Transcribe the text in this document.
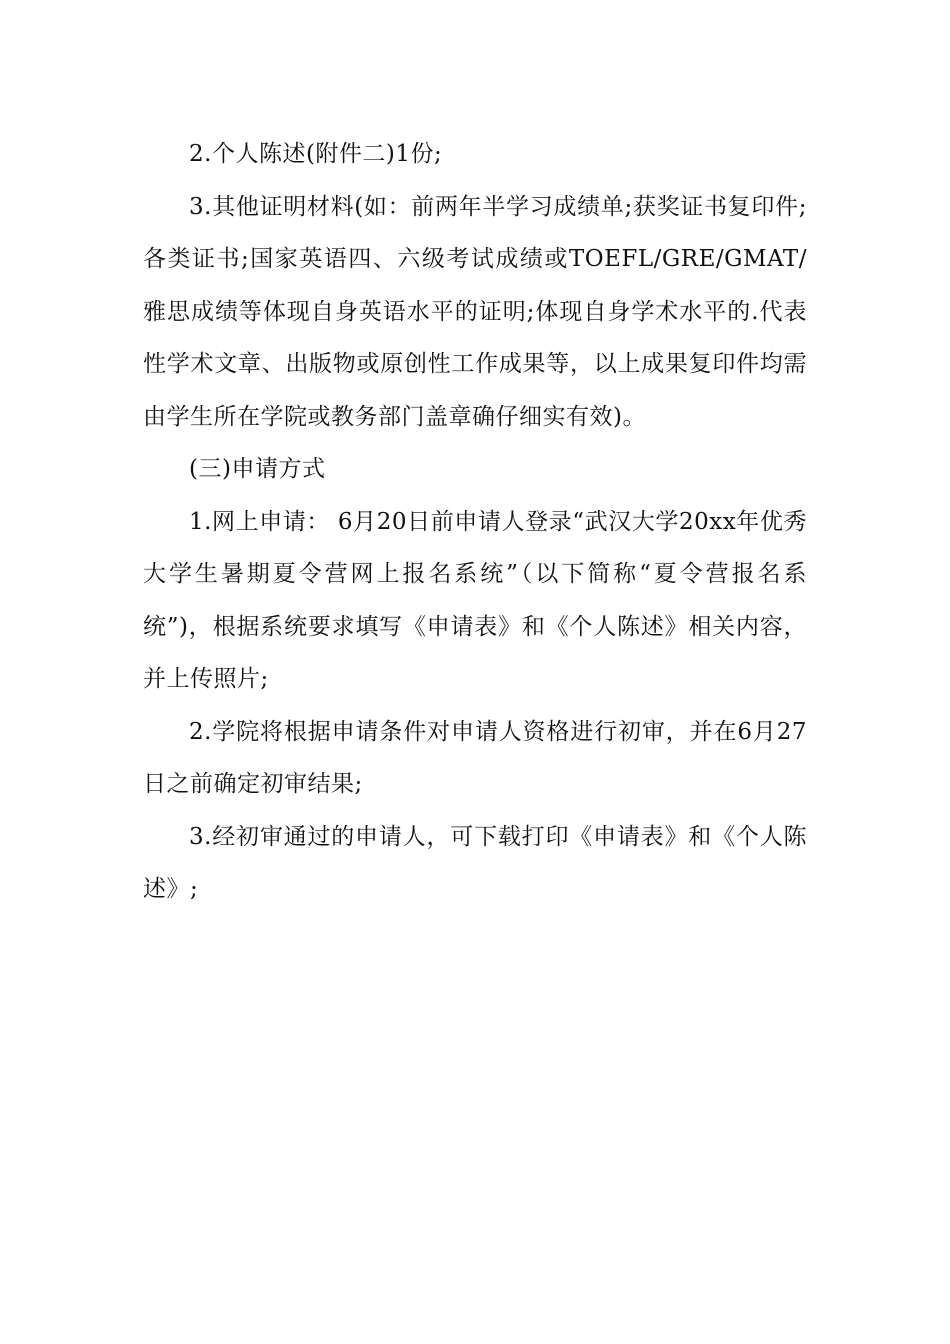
2.个人陈述(附件二)1份;

3.其他证明材料(如：前两年半学习成绩单;获奖证书复印件;各类证书;国家英语四、六级考试成绩或TOEFL/GRE/GMAT/雅思成绩等体现自身英语水平的证明;体现自身学术水平的.代表性学术文章、出版物或原创性工作成果等，以上成果复印件均需由学生所在学院或教务部门盖章确仔细实有效)。

(三)申请方式

1.网上申请： 6月20日前申请人登录“武汉大学20xx年优秀大学生暑期夏令营网上报名系统”（以下简称“夏令营报名系统”)，根据系统要求填写《申请表》和《个人陈述》相关内容，并上传照片;

2.学院将根据申请条件对申请人资格进行初审，并在6月27日之前确定初审结果;

3.经初审通过的申请人，可下载打印《申请表》和《个人陈述》;
